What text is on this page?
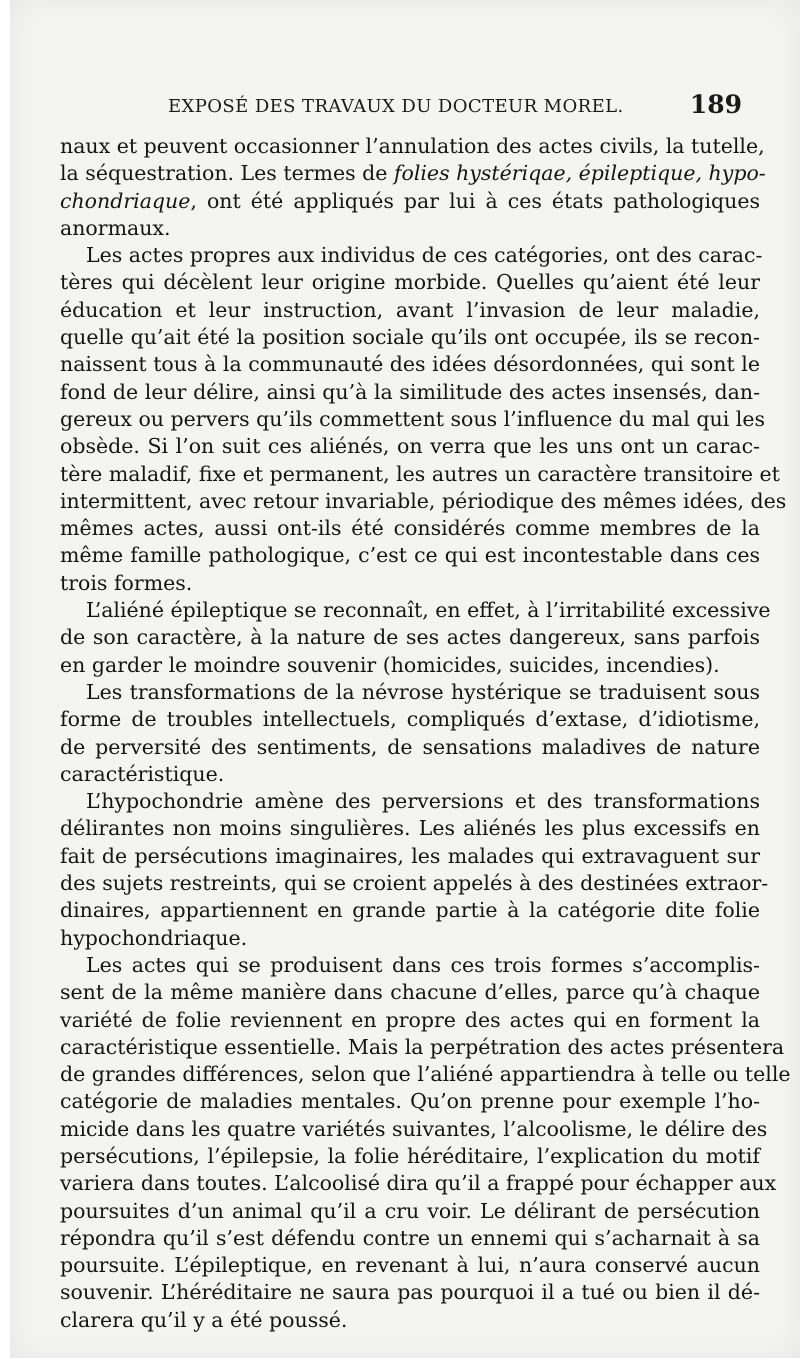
EXPOSÉ DES TRAVAUX DU DOCTEUR MOREL.	189
naux et peuvent occasionner l’annulation des actes civils, la tutelle,
la séquestration. Les termes de folies hystériqae, épileptique, hypo-
chondriaque, ont été appliqués par lui à ces états pathologiques
anormaux.
Les actes propres aux individus de ces catégories, ont des carac-
tères qui décèlent leur origine morbide. Quelles qu’aient été leur
éducation et leur instruction, avant l’invasion de leur maladie,
quelle qu’ait été la position sociale qu’ils ont occupée, ils se recon-
naissent tous à la communauté des idées désordonnées, qui sont le
fond de leur délire, ainsi qu’à la similitude des actes insensés, dan-
gereux ou pervers qu’ils commettent sous l’influence du mal qui les
obsède. Si l’on suit ces aliénés, on verra que les uns ont un carac-
tère maladif, fixe et permanent, les autres un caractère transitoire et
intermittent, avec retour invariable, périodique des mêmes idées, des
mêmes actes, aussi ont-ils été considérés comme membres de la
même famille pathologique, c’est ce qui est incontestable dans ces
trois formes.
L’aliéné épileptique se reconnaît, en effet, à l’irritabilité excessive
de son caractère, à la nature de ses actes dangereux, sans parfois
en garder le moindre souvenir (homicides, suicides, incendies).
Les transformations de la névrose hystérique se traduisent sous
forme de troubles intellectuels, compliqués d’extase, d’idiotisme,
de perversité des sentiments, de sensations maladives de nature
caractéristique.
L’hypochondrie amène des perversions et des transformations
délirantes non moins singulières. Les aliénés les plus excessifs en
fait de persécutions imaginaires, les malades qui extravaguent sur
des sujets restreints, qui se croient appelés à des destinées extraor-
dinaires, appartiennent en grande partie à la catégorie dite folie
hypochondriaque.
Les actes qui se produisent dans ces trois formes s’accomplis-
sent de la même manière dans chacune d’elles, parce qu’à chaque
variété de folie reviennent en propre des actes qui en forment la
caractéristique essentielle. Mais la perpétration des actes présentera
de grandes différences, selon que l’aliéné appartiendra à telle ou telle
catégorie de maladies mentales. Qu’on prenne pour exemple l’ho-
micide dans les quatre variétés suivantes, l’alcoolisme, le délire des
persécutions, l’épilepsie, la folie héréditaire, l’explication du motif
variera dans toutes. L’alcoolisé dira qu’il a frappé pour échapper aux
poursuites d’un animal qu’il a cru voir. Le délirant de persécution
répondra qu’il s’est défendu contre un ennemi qui s’acharnait à sa
poursuite. L’épileptique, en revenant à lui, n’aura conservé aucun
souvenir. L’héréditaire ne saura pas pourquoi il a tué ou bien il dé-
clarera qu’il y a été poussé.
